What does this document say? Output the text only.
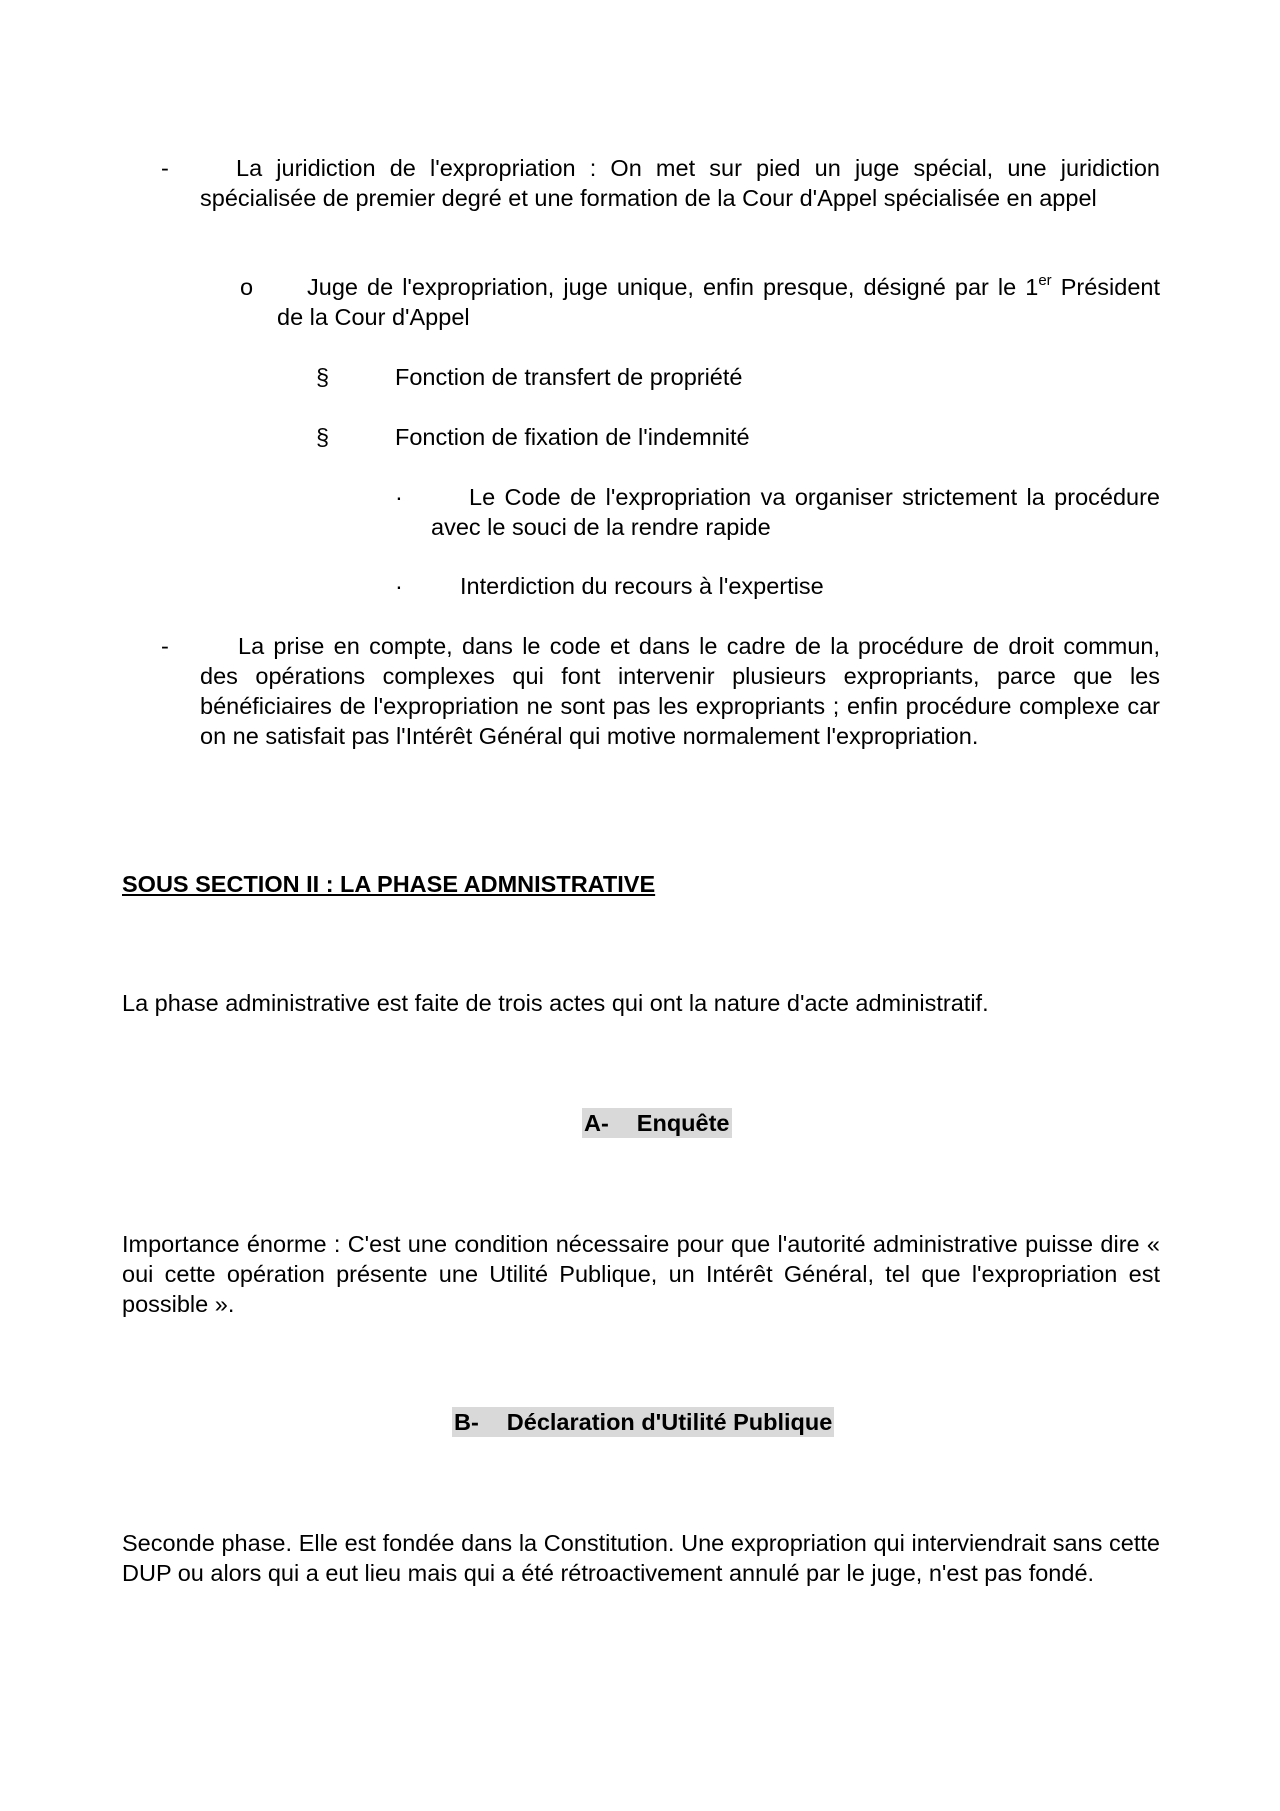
-	La juridiction de l'expropriation : On met sur pied un juge spécial, une juridiction spécialisée de premier degré et une formation de la Cour d'Appel spécialisée en appel
o	Juge de l'expropriation, juge unique, enfin presque, désigné par le 1er Président de la Cour d'Appel
§	Fonction de transfert de propriété
§	Fonction de fixation de l'indemnité
·	Le Code de l'expropriation va organiser strictement la procédure avec le souci de la rendre rapide
· Interdiction du recours à l'expertise
-	La prise en compte, dans le code et dans le cadre de la procédure de droit commun, des opérations complexes qui font intervenir plusieurs expropriants, parce que les bénéficiaires de l'expropriation ne sont pas les expropriants ; enfin procédure complexe car on ne satisfait pas l'Intérêt Général qui motive normalement l'expropriation.
SOUS SECTION II : LA PHASE ADMNISTRATIVE
La phase administrative est faite de trois actes qui ont la nature d'acte administratif.
A- Enquête
Importance énorme : C'est une condition nécessaire pour que l'autorité administrative puisse dire « oui cette opération présente une Utilité Publique, un Intérêt Général, tel que l'expropriation est possible ».
B- Déclaration d'Utilité Publique
Seconde phase. Elle est fondée dans la Constitution. Une expropriation qui interviendrait sans cette DUP ou alors qui a eut lieu mais qui a été rétroactivement annulé par le juge, n'est pas fondé.
